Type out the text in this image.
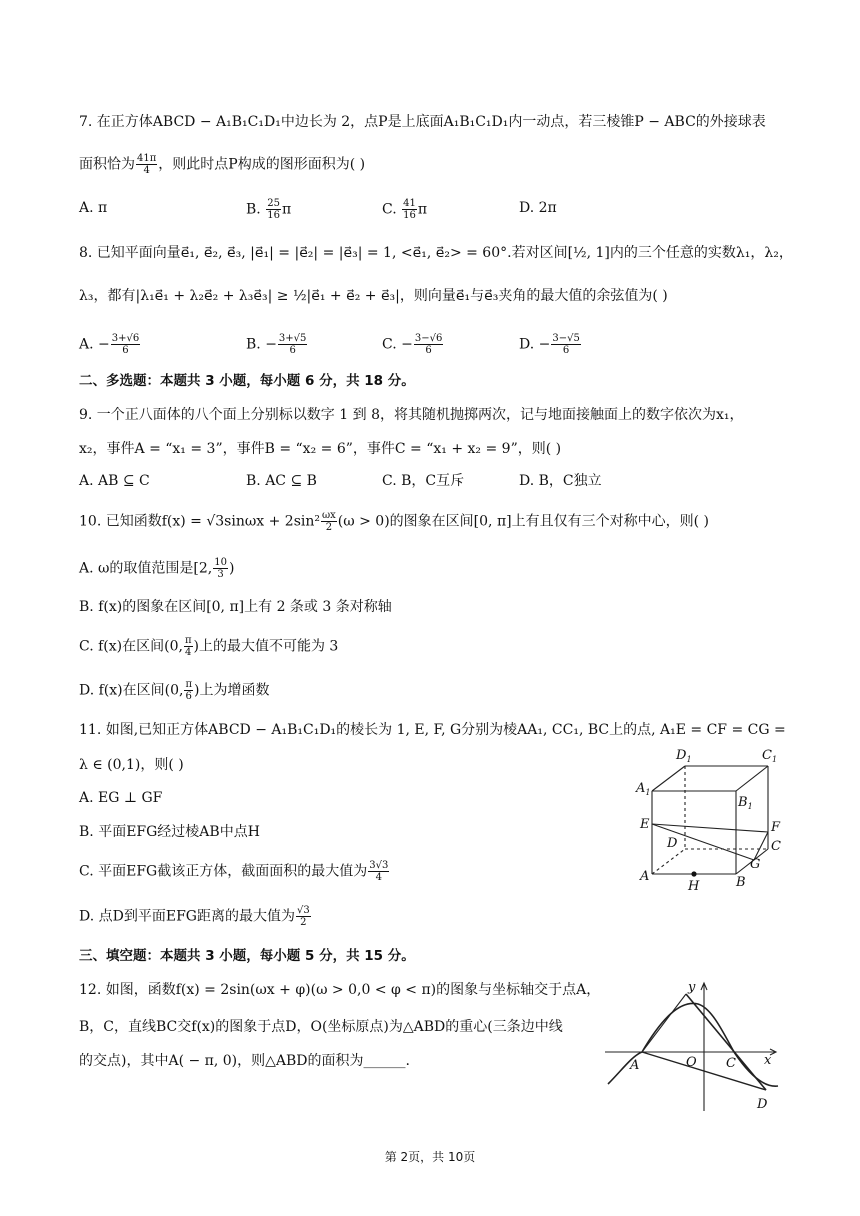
7. 在正方体ABCD − A₁B₁C₁D₁中边长为 2，点P是上底面A₁B₁C₁D₁内一动点，若三棱锥P − ABC的外接球表
面积恰为 $\frac{41\pi}{4}$ ，则此时点P构成的图形面积为( )
A. π	B. $\frac{25}{16}$ π	C. $\frac{41}{16}$ π	D. 2π
8. 已知平面向量e⃗₁, e⃗₂, e⃗₃, |e⃗₁| = |e⃗₂| = |e⃗₃| = 1, <e⃗₁, e⃗₂> = 60°.若对区间[½, 1]内的三个任意的实数λ₁，λ₂，
λ₃，都有|λ₁e⃗₁ + λ₂e⃗₂ + λ₃e⃗₃| ≥ ½|e⃗₁ + e⃗₂ + e⃗₃|，则向量e⃗₁与e⃗₃夹角的最大值的余弦值为( )
A. − $\frac{3+√6}{6}$	B. − $\frac{3+√5}{6}$	C. − $\frac{3-√6}{6}$	D. − $\frac{3-√5}{6}$
二、多选题：本题共 3 小题，每小题 6 分，共 18 分。
9. 一个正八面体的八个面上分别标以数字 1 到 8，将其随机抛掷两次，记与地面接触面上的数字依次为x₁，
x₂，事件A = “x₁ = 3”，事件B = “x₂ = 6”，事件C = “x₁ + x₂ = 9”，则( )
A. AB ⊆ C	B. AC ⊆ B	C. B，C互斥	D. B，C独立
10. 已知函数$f(x) = √3\sin\omega x + 2\sin^2 \frac{\omega x}{2} (\omega > 0)$的图象在区间[0, π]上有且仅有三个对称中心，则( )
A. ω的取值范围是[2, $\frac{10}{3}$ )
B. f(x)的图象在区间[0, π]上有 2 条或 3 条对称轴
C. f(x)在区间(0, $\frac{\pi}{4}$ )上的最大值不可能为 3
D. f(x)在区间(0, $\frac{\pi}{6}$ )上为增函数
11. 如图,已知正方体ABCD − A₁B₁C₁D₁的棱长为 1, E, F, G分别为棱AA₁, CC₁, BC上的点, A₁E = CF = CG =
λ ∈ (0,1)，则( )
A. EG ⊥ GF
B. 平面EFG经过棱AB中点H
C. 平面EFG截该正方体，截面面积的最大值为 $\frac{3√3}{4}$
D. 点D到平面EFG距离的最大值为 $\frac{√3}{2}$
$D_1$	$C_1$
$A_1$
$B_1$
E	F
D	C
G
A
H	B
三、填空题：本题共 3 小题，每小题 5 分，共 15 分。
12. 如图，函数f(x) = 2sin(ωx + φ)(ω > 0,0 < φ < π)的图象与坐标轴交于点A，
B，C，直线BC交f(x)的图象于点D，O(坐标原点)为△ABD的重心(三条边中线
的交点)，其中A( − π, 0)，则△ABD的面积为______.
y
x
A	O C
D
第 2页，共 10页
